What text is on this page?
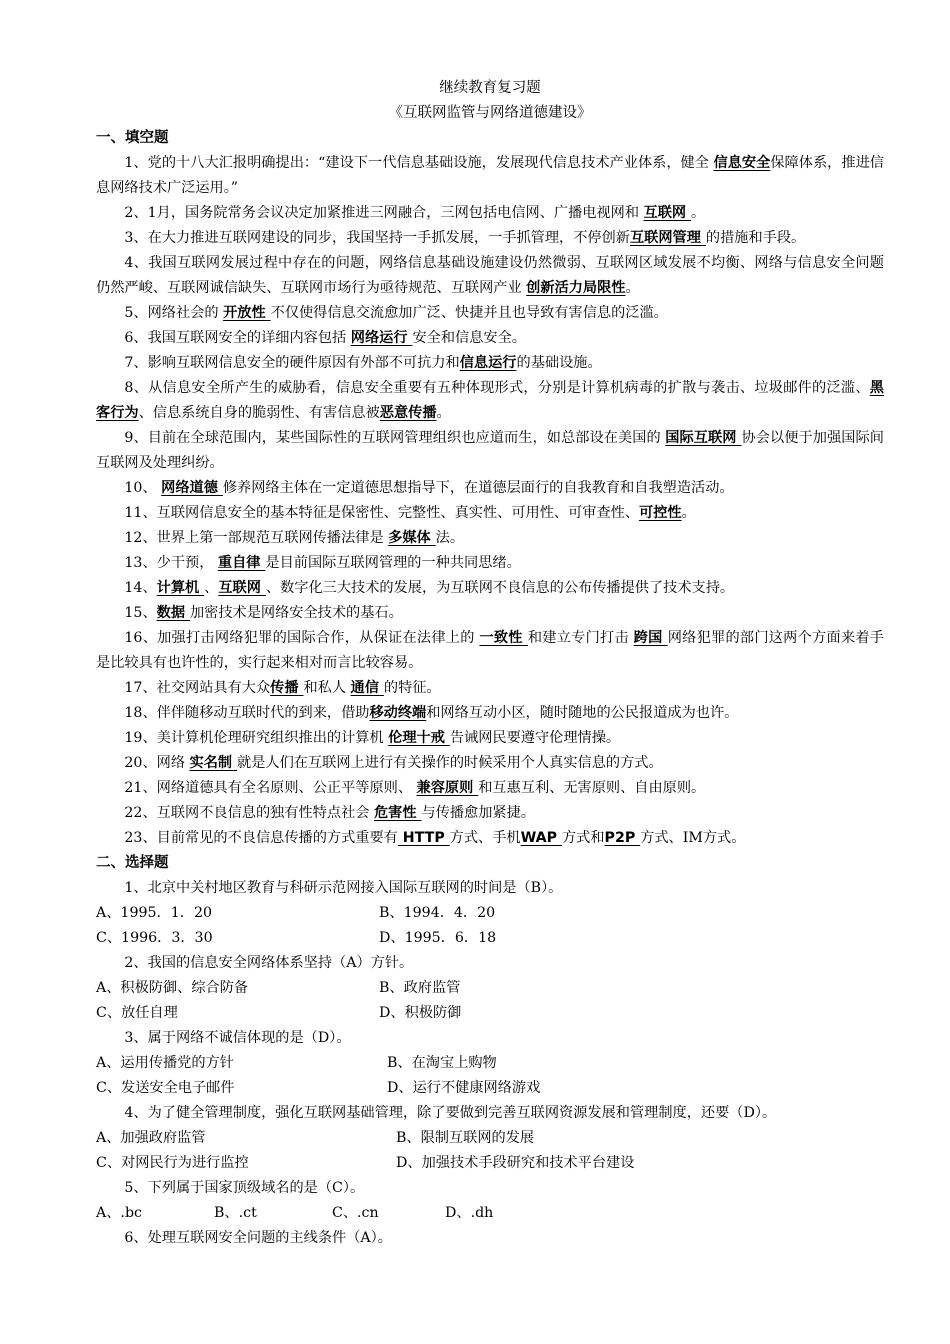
继续教育复习题

《互联网监管与网络道德建设》

一、填空题

1、党的十八大汇报明确提出：“建设下一代信息基础设施，发展现代信息技术产业体系，健全 信息安全保障体系，推进信息网络技术广泛运用。”

2、1月，国务院常务会议决定加紧推进三网融合，三网包括电信网、广播电视网和 互联网 。

3、在大力推进互联网建设的同步，我国坚持一手抓发展，一手抓管理，不停创新互联网管理 的措施和手段。

4、我国互联网发展过程中存在的问题，网络信息基础设施建设仍然微弱、互联网区域发展不均衡、网络与信息安全问题仍然严峻、互联网诚信缺失、互联网市场行为亟待规范、互联网产业 创新活力局限性。

5、网络社会的 开放性 不仅使得信息交流愈加广泛、快捷并且也导致有害信息的泛滥。

6、我国互联网安全的详细内容包括 网络运行 安全和信息安全。

7、影响互联网信息安全的硬件原因有外部不可抗力和信息运行的基础设施。

8、从信息安全所产生的威胁看，信息安全重要有五种体现形式，分别是计算机病毒的扩散与袭击、垃圾邮件的泛滥、黑客行为、信息系统自身的脆弱性、有害信息被恶意传播。

9、目前在全球范围内，某些国际性的互联网管理组织也应道而生，如总部设在美国的 国际互联网 协会以便于加强国际间互联网及处理纠纷。

10、 网络道德 修养网络主体在一定道德思想指导下，在道德层面行的自我教育和自我塑造活动。

11、互联网信息安全的基本特征是保密性、完整性、真实性、可用性、可审查性、可控性。

12、世界上第一部规范互联网传播法律是 多媒体 法。

13、少干预， 重自律 是目前国际互联网管理的一种共同思绪。

14、计算机 、互联网 、数字化三大技术的发展，为互联网不良信息的公布传播提供了技术支持。

15、数据 加密技术是网络安全技术的基石。

16、加强打击网络犯罪的国际合作，从保证在法律上的 一致性 和建立专门打击 跨国 网络犯罪的部门这两个方面来着手是比较具有也许性的，实行起来相对而言比较容易。

17、社交网站具有大众传播 和私人 通信 的特征。

18、伴伴随移动互联时代的到来，借助移动终端和网络互动小区，随时随地的公民报道成为也许。

19、美计算机伦理研究组织推出的计算机 伦理十戒 告诫网民要遵守伦理情操。

20、网络 实名制 就是人们在互联网上进行有关操作的时候采用个人真实信息的方式。

21、网络道德具有全名原则、公正平等原则、 兼容原则 和互惠互利、无害原则、自由原则。

22、互联网不良信息的独有性特点社会 危害性 与传播愈加紧捷。

23、目前常见的不良信息传播的方式重要有 HTTP 方式、手机WAP 方式和P2P 方式、IM方式。

二、选择题

1、北京中关村地区教育与科研示范网接入国际互联网的时间是（B）。

A、1995．1．20	B、1994．4．20
C、1996．3．30	D、1995．6．18

2、我国的信息安全网络体系坚持（A）方针。

A、积极防御、综合防备	B、政府监管
C、放任自理	D、积极防御

3、属于网络不诚信体现的是（D）。

A、运用传播党的方针	B、在淘宝上购物
C、发送安全电子邮件	D、运行不健康网络游戏

4、为了健全管理制度，强化互联网基础管理，除了要做到完善互联网资源发展和管理制度，还要（D）。

A、加强政府监管	B、限制互联网的发展
C、对网民行为进行监控	D、加强技术手段研究和技术平台建设

5、下列属于国家顶级域名的是（C）。

A、.bc	B、.ct	C、.cn	D、.dh

6、处理互联网安全问题的主线条件（A）。
